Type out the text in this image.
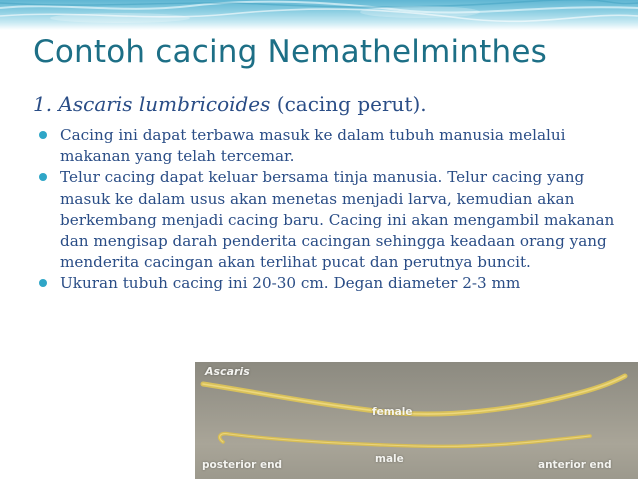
Contoh cacing Nemathelminthes
1. Ascaris lumbricoides (cacing perut).
Cacing ini dapat terbawa masuk ke dalam tubuh manusia melalui makanan yang telah tercemar.
Telur cacing dapat keluar bersama tinja manusia. Telur cacing yang masuk ke dalam usus akan menetas menjadi larva, kemudian akan berkembang menjadi cacing baru. Cacing ini akan mengambil makanan dan mengisap darah penderita cacingan sehingga keadaan orang yang menderita cacingan akan terlihat pucat dan perutnya buncit.
Ukuran tubuh cacing ini 20-30 cm. Degan diameter 2-3 mm
Ascaris
female
male
posterior end	anterior end
